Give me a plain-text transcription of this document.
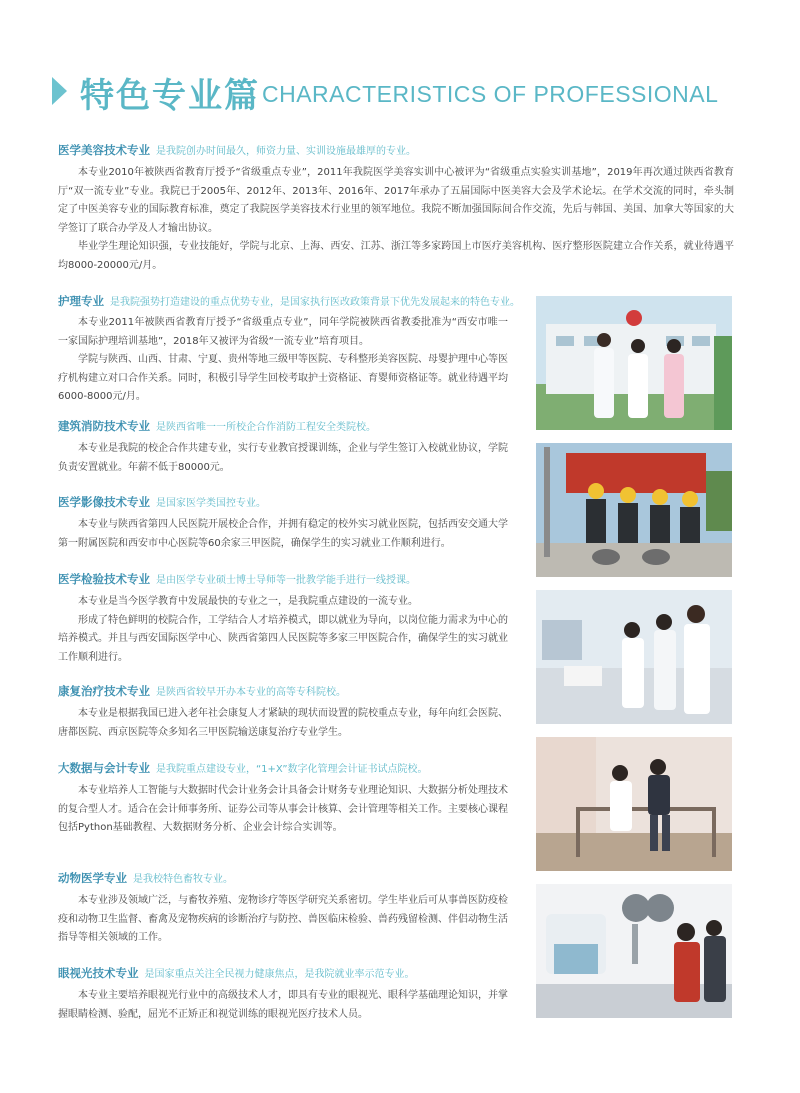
特色专业篇 CHARACTERISTICS OF PROFESSIONAL

医学美容技术专业 是我院创办时间最久，师资力量、实训设施最雄厚的专业。

本专业2010年被陕西省教育厅授予“省级重点专业”，2011年我院医学美容实训中心被评为“省级重点实验实训基地”，2019年再次通过陕西省教育厅“双一流专业”专业。我院已于2005年、2012年、2013年、2016年、2017年承办了五届国际中医美容大会及学术论坛。在学术交流的同时，牵头制定了中医美容专业的国际教育标准，奠定了我院医学美容技术行业里的领军地位。我院不断加强国际间合作交流，先后与韩国、美国、加拿大等国家的大学签订了联合办学及人才输出协议。

毕业学生理论知识强，专业技能好，学院与北京、上海、西安、江苏、浙江等多家跨国上市医疗美容机构、医疗整形医院建立合作关系，就业待遇平均8000-20000元/月。

护理专业 是我院强势打造建设的重点优势专业，是国家执行医改政策背景下优先发展起来的特色专业。

本专业2011年被陕西省教育厅授予“省级重点专业”，同年学院被陕西省教委批准为“西安市唯一一家国际护理培训基地”，2018年又被评为省级“一流专业”培育项目。

学院与陕西、山西、甘肃、宁夏、贵州等地三级甲等医院、专科整形美容医院、母婴护理中心等医疗机构建立对口合作关系。同时，积极引导学生回校考取护士资格证、育婴师资格证等。就业待遇平均6000-8000元/月。

建筑消防技术专业 是陕西省唯一一所校企合作消防工程安全类院校。

本专业是我院的校企合作共建专业，实行专业教官授课训练，企业与学生签订入校就业协议，学院负责安置就业。年薪不低于80000元。

医学影像技术专业 是国家医学类国控专业。

本专业与陕西省第四人民医院开展校企合作，并拥有稳定的校外实习就业医院，包括西安交通大学第一附属医院和西安市中心医院等60余家三甲医院，确保学生的实习就业工作顺利进行。

医学检验技术专业 是由医学专业硕士博士导师等一批教学能手进行一线授课。

本专业是当今医学教育中发展最快的专业之一，是我院重点建设的一流专业。

形成了特色鲜明的校院合作，工学结合人才培养模式，即以就业为导向，以岗位能力需求为中心的培养模式。并且与西安国际医学中心、陕西省第四人民医院等多家三甲医院合作，确保学生的实习就业工作顺利进行。

康复治疗技术专业 是陕西省较早开办本专业的高等专科院校。

本专业是根据我国已进入老年社会康复人才紧缺的现状而设置的院校重点专业，每年向红会医院、唐都医院、西京医院等众多知名三甲医院输送康复治疗专业学生。

大数据与会计专业 是我院重点建设专业，“1+X”数字化管理会计证书试点院校。

本专业培养人工智能与大数据时代会计业务会计具备会计财务专业理论知识、大数据分析处理技术的复合型人才。适合在会计师事务所、证券公司等从事会计核算、会计管理等相关工作。主要核心课程包括Python基础教程、大数据财务分析、企业会计综合实训等。

动物医学专业 是我校特色畜牧专业。

本专业涉及领域广泛，与畜牧养殖、宠物诊疗等医学研究关系密切。学生毕业后可从事兽医防疫检疫和动物卫生监督、畜禽及宠物疾病的诊断治疗与防控、兽医临床检验、兽药残留检测、伴侣动物生活指导等相关领域的工作。

眼视光技术专业 是国家重点关注全民视力健康焦点，是我院就业率示范专业。

本专业主要培养眼视光行业中的高级技术人才，即具有专业的眼视光、眼科学基础理论知识，并掌握眼睛检测、验配，屈光不正矫正和视觉训练的眼视光医疗技术人员。
